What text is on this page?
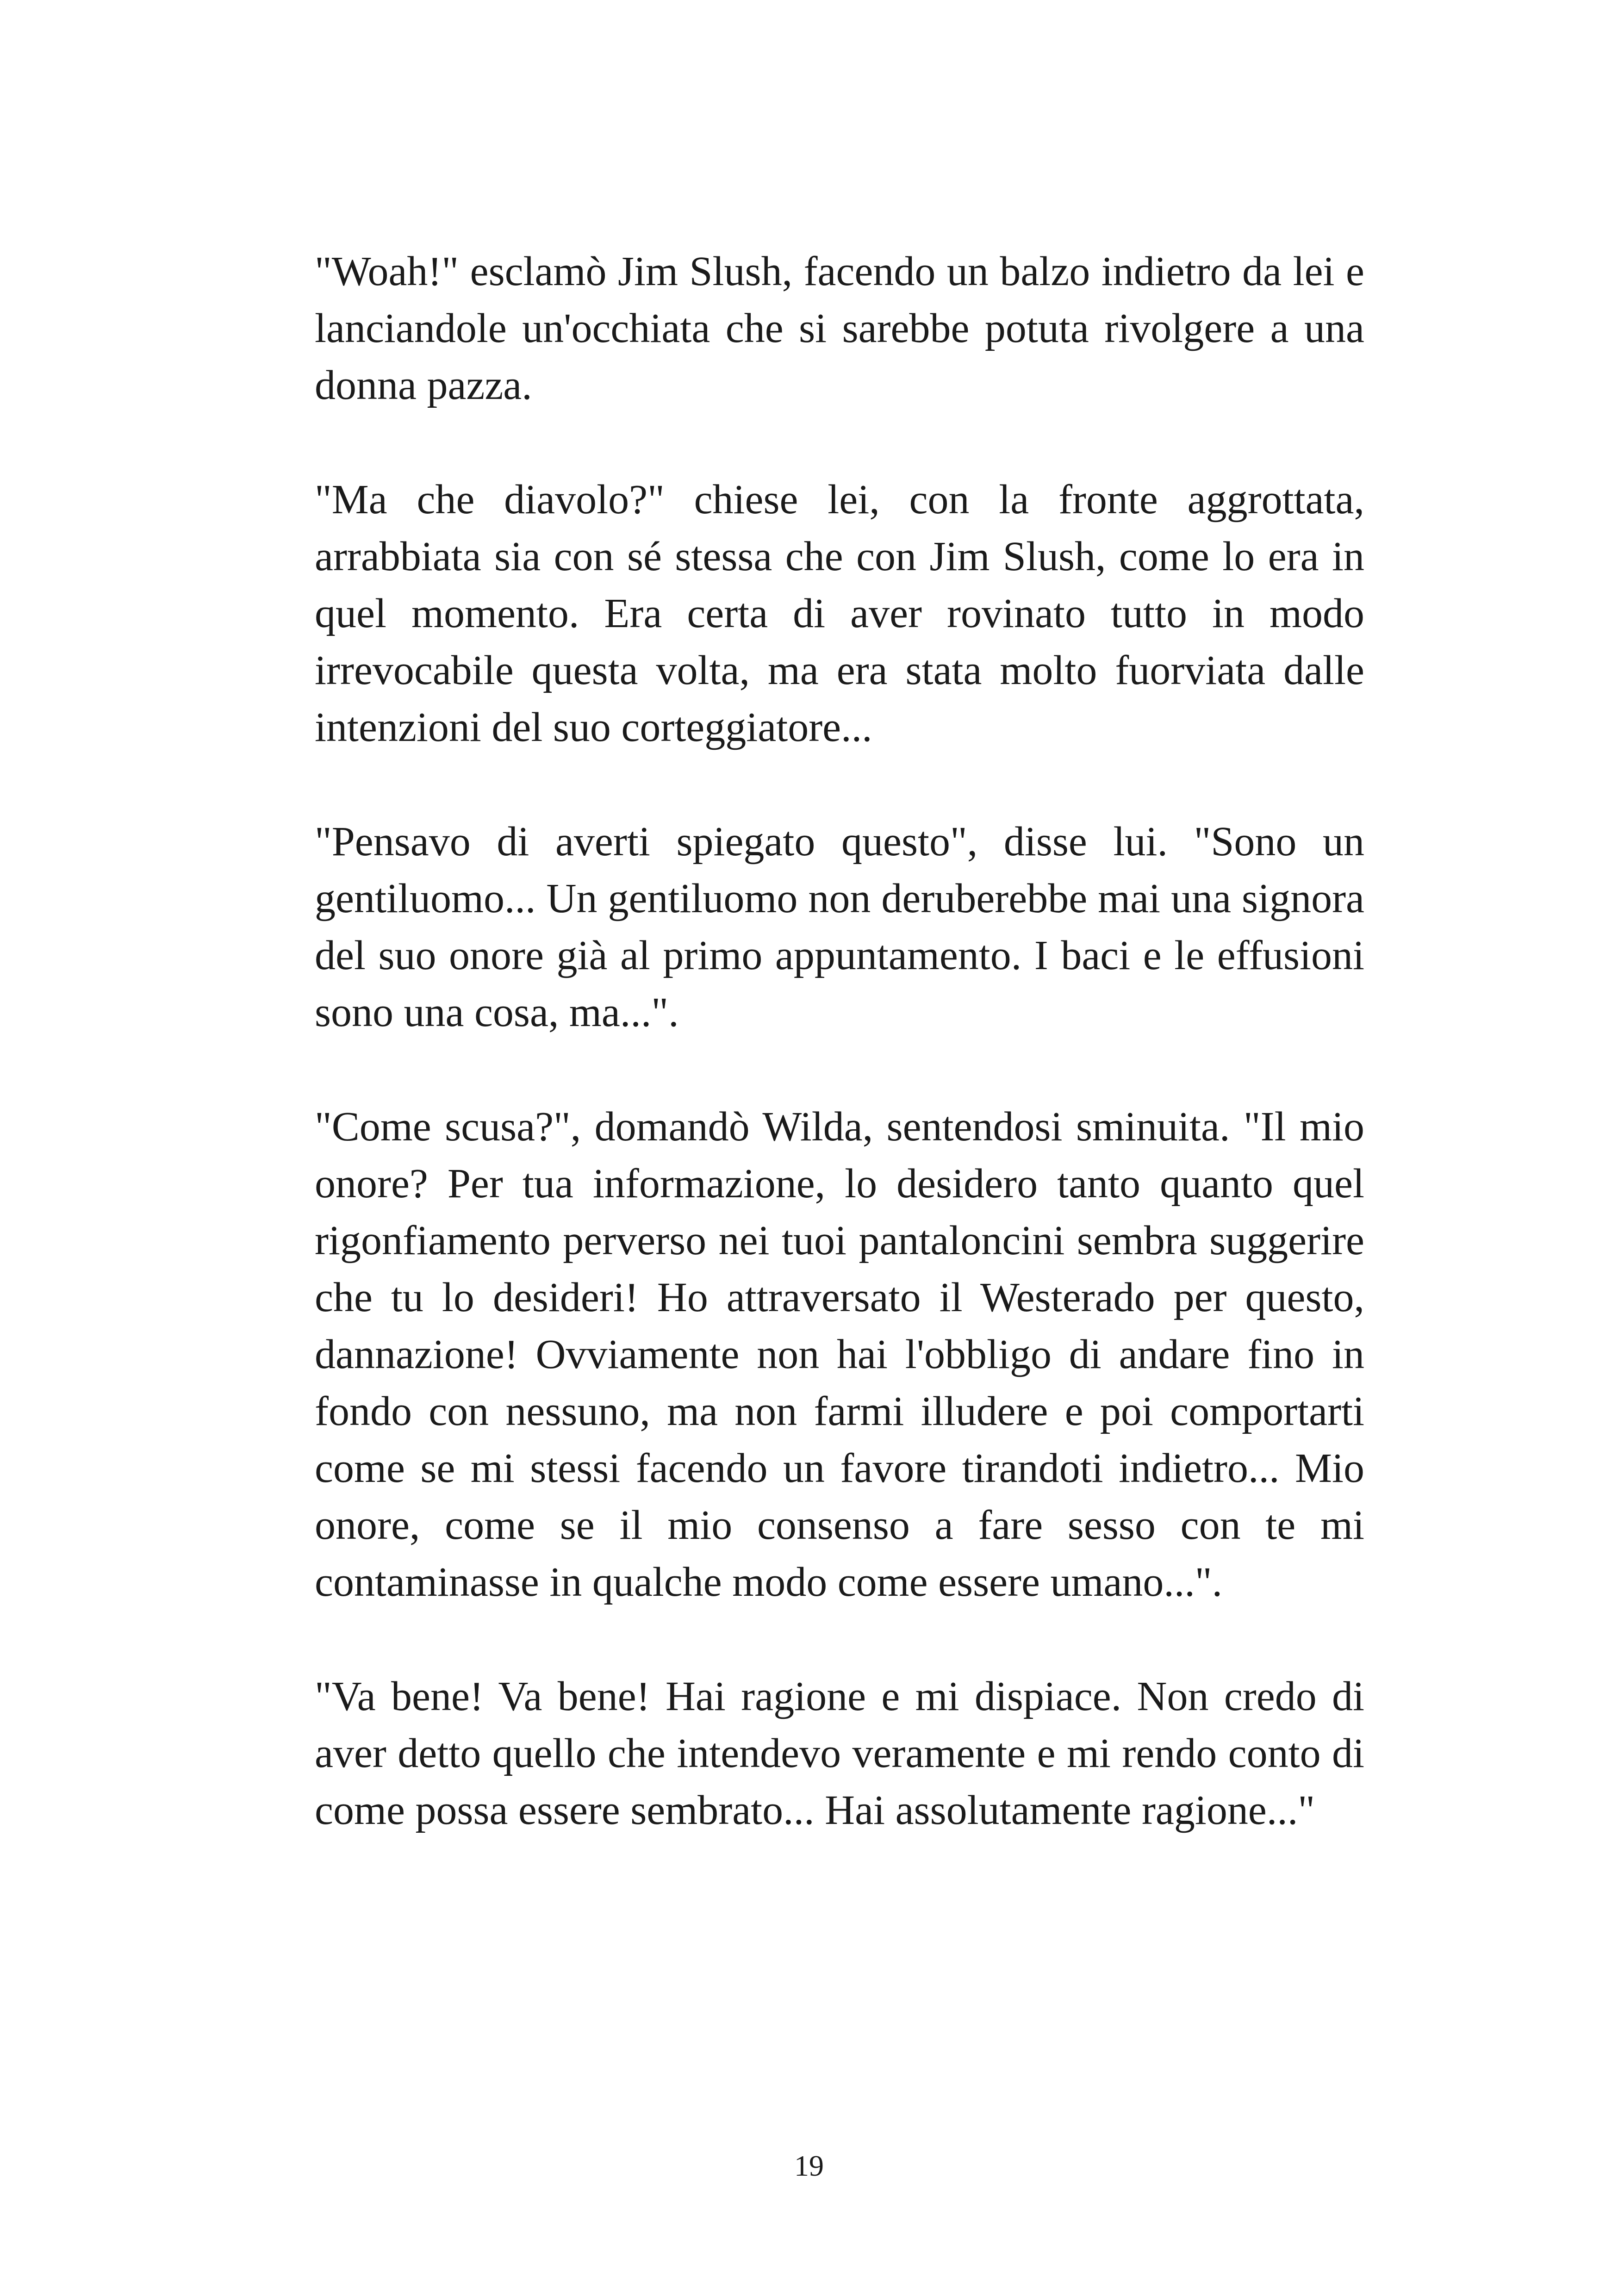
"Woah!" esclamò Jim Slush, facendo un balzo indietro da lei e lanciandole un'occhiata che si sarebbe potuta rivolgere a una donna pazza.

"Ma che diavolo?" chiese lei, con la fronte aggrottata, arrabbiata sia con sé stessa che con Jim Slush, come lo era in quel momento. Era certa di aver rovinato tutto in modo irrevocabile questa volta, ma era stata molto fuorviata dalle intenzioni del suo corteggiatore...

"Pensavo di averti spiegato questo", disse lui. "Sono un gentiluomo... Un gentiluomo non deruberebbe mai una signora del suo onore già al primo appuntamento. I baci e le effusioni sono una cosa, ma...".

"Come scusa?", domandò Wilda, sentendosi sminuita. "Il mio onore? Per tua informazione, lo desidero tanto quanto quel rigonfiamento perverso nei tuoi pantaloncini sembra suggerire che tu lo desideri! Ho attraversato il Westerado per questo, dannazione! Ovviamente non hai l'obbligo di andare fino in fondo con nessuno, ma non farmi illudere e poi comportarti come se mi stessi facendo un favore tirandoti indietro... Mio onore, come se il mio consenso a fare sesso con te mi contaminasse in qualche modo come essere umano...".

"Va bene! Va bene! Hai ragione e mi dispiace. Non credo di aver detto quello che intendevo veramente e mi rendo conto di come possa essere sembrato... Hai assolutamente ragione..."

19
